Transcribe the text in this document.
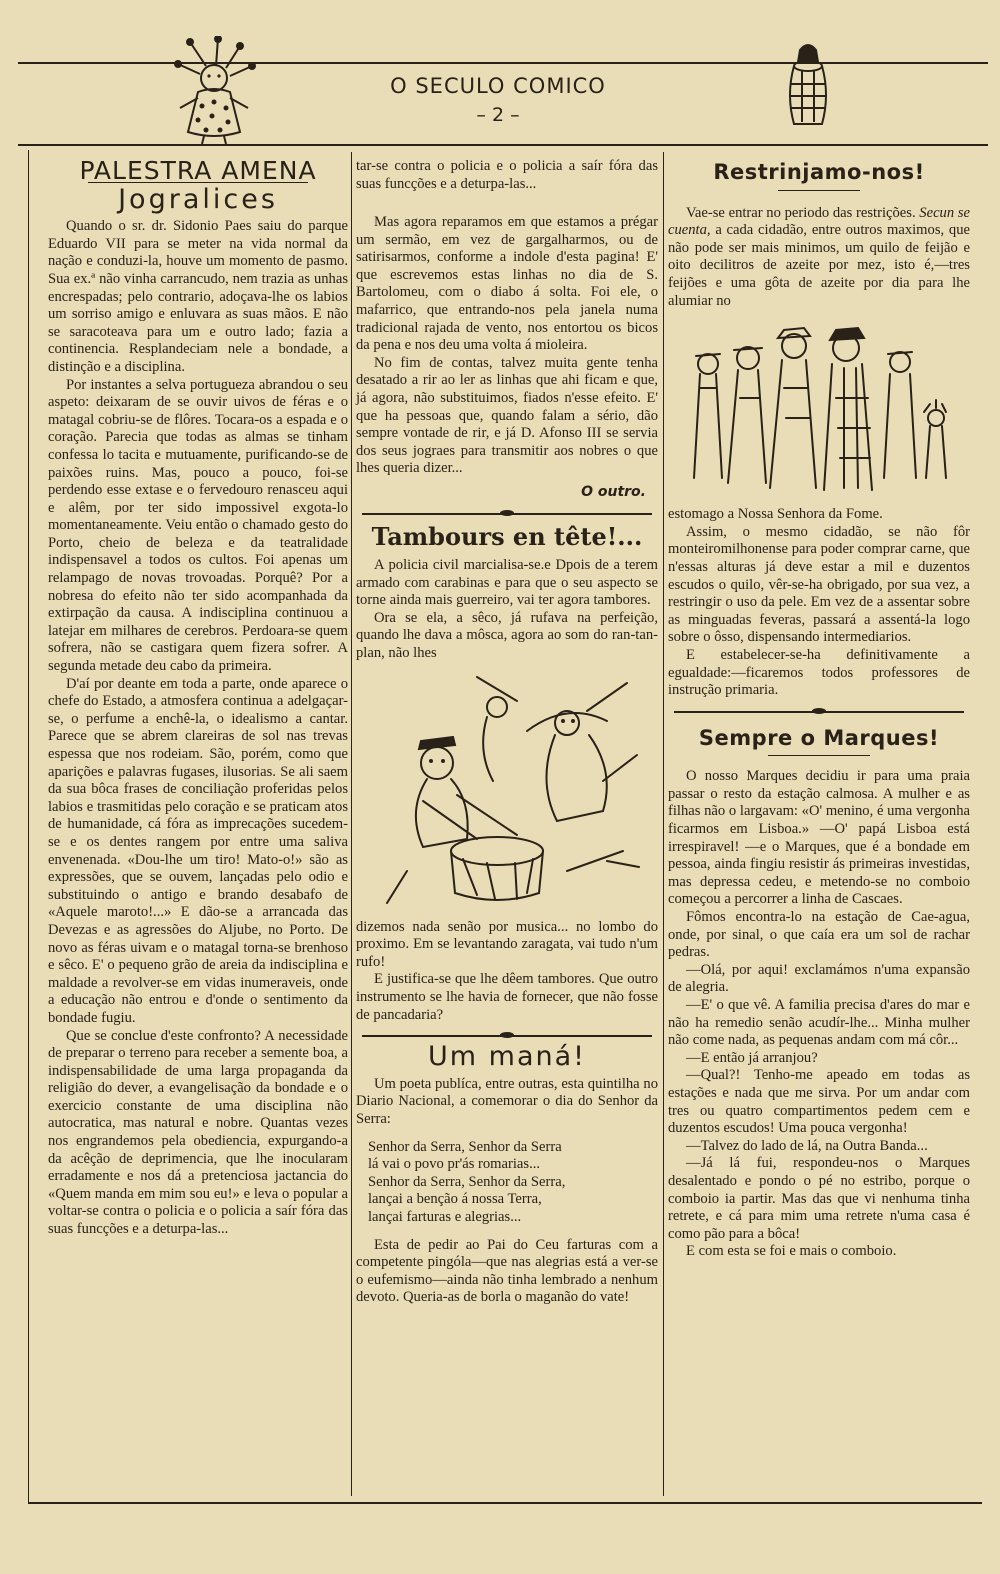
O SECULO COMICO
– 2 –
PALESTRA AMENA
Jogralices

Quando o sr. dr. Sidonio Paes saiu do parque Eduardo VII para se meter na vida normal da nação e conduzi-la, houve um momento de pasmo. Sua ex.ª não vinha carrancudo, nem trazia as unhas encrespadas; pelo contrario, adoçava-lhe os labios um sorriso amigo e enluvara as suas mãos. E não se saracoteava para um e outro lado; fazia a continencia. Resplandeciam nele a bondade, a distinção e a disciplina.

Por instantes a selva portugueza abrandou o seu aspeto: deixaram de se ouvir uivos de féras e o matagal cobriu-se de flôres. Tocara-os a espada e o coração. Parecia que todas as almas se tinham confessa lo tacita e mutuamente, purificando-se de paixões ruins. Mas, pouco a pouco, foi-se perdendo esse extase e o fervedouro renasceu aqui e alêm, por ter sido impossivel exgota-lo momentaneamente. Veiu então o chamado gesto do Porto, cheio de beleza e da teatralidade indispensavel a todos os cultos. Foi apenas um relampago de novas trovoadas. Porquê? Por a nobresa do efeito não ter sido acompanhada da extirpação da causa. A indisciplina continuou a latejar em milhares de cerebros. Perdoara-se quem sofrera, não se castigara quem fizera sofrer. A segunda metade deu cabo da primeira.

D'aí por deante em toda a parte, onde aparece o chefe do Estado, a atmosfera continua a adelgaçar-se, o perfume a enchê-la, o idealismo a cantar. Parece que se abrem clareiras de sol nas trevas espessa que nos rodeiam. São, porém, como que aparições e palavras fugases, ilusorias. Se ali saem da sua bôca frases de conciliação proferidas pelos labios e trasmitidas pelo coração e se praticam atos de humanidade, cá fóra as imprecações sucedem-se e os dentes rangem por entre uma saliva envenenada. «Dou-lhe um tiro! Mato-o!» são as expressões, que se ouvem, lançadas pelo odio e substituindo o antigo e brando desabafo de «Aquele maroto!...» E dão-se a arrancada das Devezas e as agressões do Aljube, no Porto. De novo as féras uivam e o matagal torna-se brenhoso e sêco. E' o pequeno grão de areia da indisciplina e maldade a revolver-se em vidas inumeraveis, onde a educação não entrou e d'onde o sentimento da bondade fugiu.

Que se conclue d'este confronto? A necessidade de preparar o terreno para receber a semente boa, a indispensabilidade de uma larga propaganda da religião do dever, a evangelisação da bondade e o exercicio constante de uma disciplina não autocratica, mas natural e nobre. Quantas vezes nos engrandemos pela obediencia, expurgando-a da acêção de deprimencia, que lhe inocularam erradamente e nos dá a pretenciosa jactancia do «Quem manda em mim sou eu!» e leva o popular a voltar-se contra o policia e o policia a saír fóra das suas funcções e a deturpa-las...

Mas agora reparamos em que estamos a prégar um sermão, em vez de gargalharmos, ou de satirisarmos, conforme a indole d'esta pagina! E' que escrevemos estas linhas no dia de S. Bartolomeu, com o diabo á solta. Foi ele, o mafarrico, que entrando-nos pela janela numa tradicional rajada de vento, nos entortou os bicos da pena e nos deu uma volta á mioleira.

No fim de contas, talvez muita gente tenha desatado a rir ao ler as linhas que ahi ficam e que, já agora, não substituimos, fiados n'esse efeito. E' que ha pessoas que, quando falam a sério, dão sempre vontade de rir, e já D. Afonso III se servia dos seus jograes para transmitir aos nobres o que lhes queria dizer...

O outro.
Tambours en tête!...

A policia civil marcialisa-se.e Dpois de a terem armado com carabinas e para que o seu aspecto se torne ainda mais guerreiro, vai ter agora tambores.

Ora se ela, a sêco, já rufava na perfeição, quando lhe dava a môsca, agora ao som do ran-tan-plan, não lhes

dizemos nada senão por musica... no lombo do proximo. Em se levantando zaragata, vai tudo n'um rufo!

E justifica-se que lhe dêem tambores. Que outro instrumento se lhe havia de fornecer, que não fosse de pancadaria?

Um maná!

Um poeta publíca, entre outras, esta quintilha no Diario Nacional, a comemorar o dia do Senhor da Serra:

Senhor da Serra, Senhor da Serra

lá vai o povo pr'ás romarias...

Senhor da Serra, Senhor da Serra,

lançai a benção á nossa Terra,

lançai farturas e alegrias...

Esta de pedir ao Pai do Ceu farturas com a competente pingóla—que nas alegrias está a ver-se o eufemismo—ainda não tinha lembrado a nenhum devoto. Queria-as de borla o maganão do vate!

tar-se contra o policia e o policia a saír fóra das suas funcções e a deturpa-las...	Restrinjamo-nos!

Vae-se entrar no periodo das restrições. Secun se cuenta, a cada cidadão, entre outros maximos, que não pode ser mais minimos, um quilo de feijão e oito decilitros de azeite por mez, isto é,—tres feijões e uma gôta de azeite por dia para lhe alumiar no

estomago a Nossa Senhora da Fome.

Assim, o mesmo cidadão, se não fôr monteiromilhonense para poder comprar carne, que n'essas alturas já deve estar a mil e duzentos escudos o quilo, vêr-se-ha obrigado, por sua vez, a restringir o uso da pele. Em vez de a assentar sobre as minguadas feveras, passará a assentá-la logo sobre o ôsso, dispensando intermediarios.

E estabelecer-se-ha definitivamente a egualdade:—ficaremos todos professores de instrução primaria.

Sempre o Marques!

O nosso Marques decidiu ir para uma praia passar o resto da estação calmosa. A mulher e as filhas não o largavam: «O' menino, é uma vergonha ficarmos em Lisboa.» —O' papá Lisboa está irrespiravel! —e o Marques, que é a bondade em pessoa, ainda fingiu resistir ás primeiras investidas, mas depressa cedeu, e metendo-se no comboio começou a percorrer a linha de Cascaes.

Fômos encontra-lo na estação de Cae-agua, onde, por sinal, o que caía era um sol de rachar pedras.

—Olá, por aqui! exclamámos n'uma expansão de alegria.

—E' o que vê. A familia precisa d'ares do mar e não ha remedio senão acudír-lhe... Minha mulher não come nada, as pequenas andam com má côr...

—E então já arranjou?

—Qual?! Tenho-me apeado em todas as estações e nada que me sirva. Por um andar com tres ou quatro compartimentos pedem cem e duzentos escudos! Uma pouca vergonha!

—Talvez do lado de lá, na Outra Banda...

—Já lá fui, respondeu-nos o Marques desalentado e pondo o pé no estribo, porque o comboio ia partir. Mas das que vi nenhuma tinha retrete, e cá para mim uma retrete n'uma casa é como pão para a bôca!

E com esta se foi e mais o comboio.
